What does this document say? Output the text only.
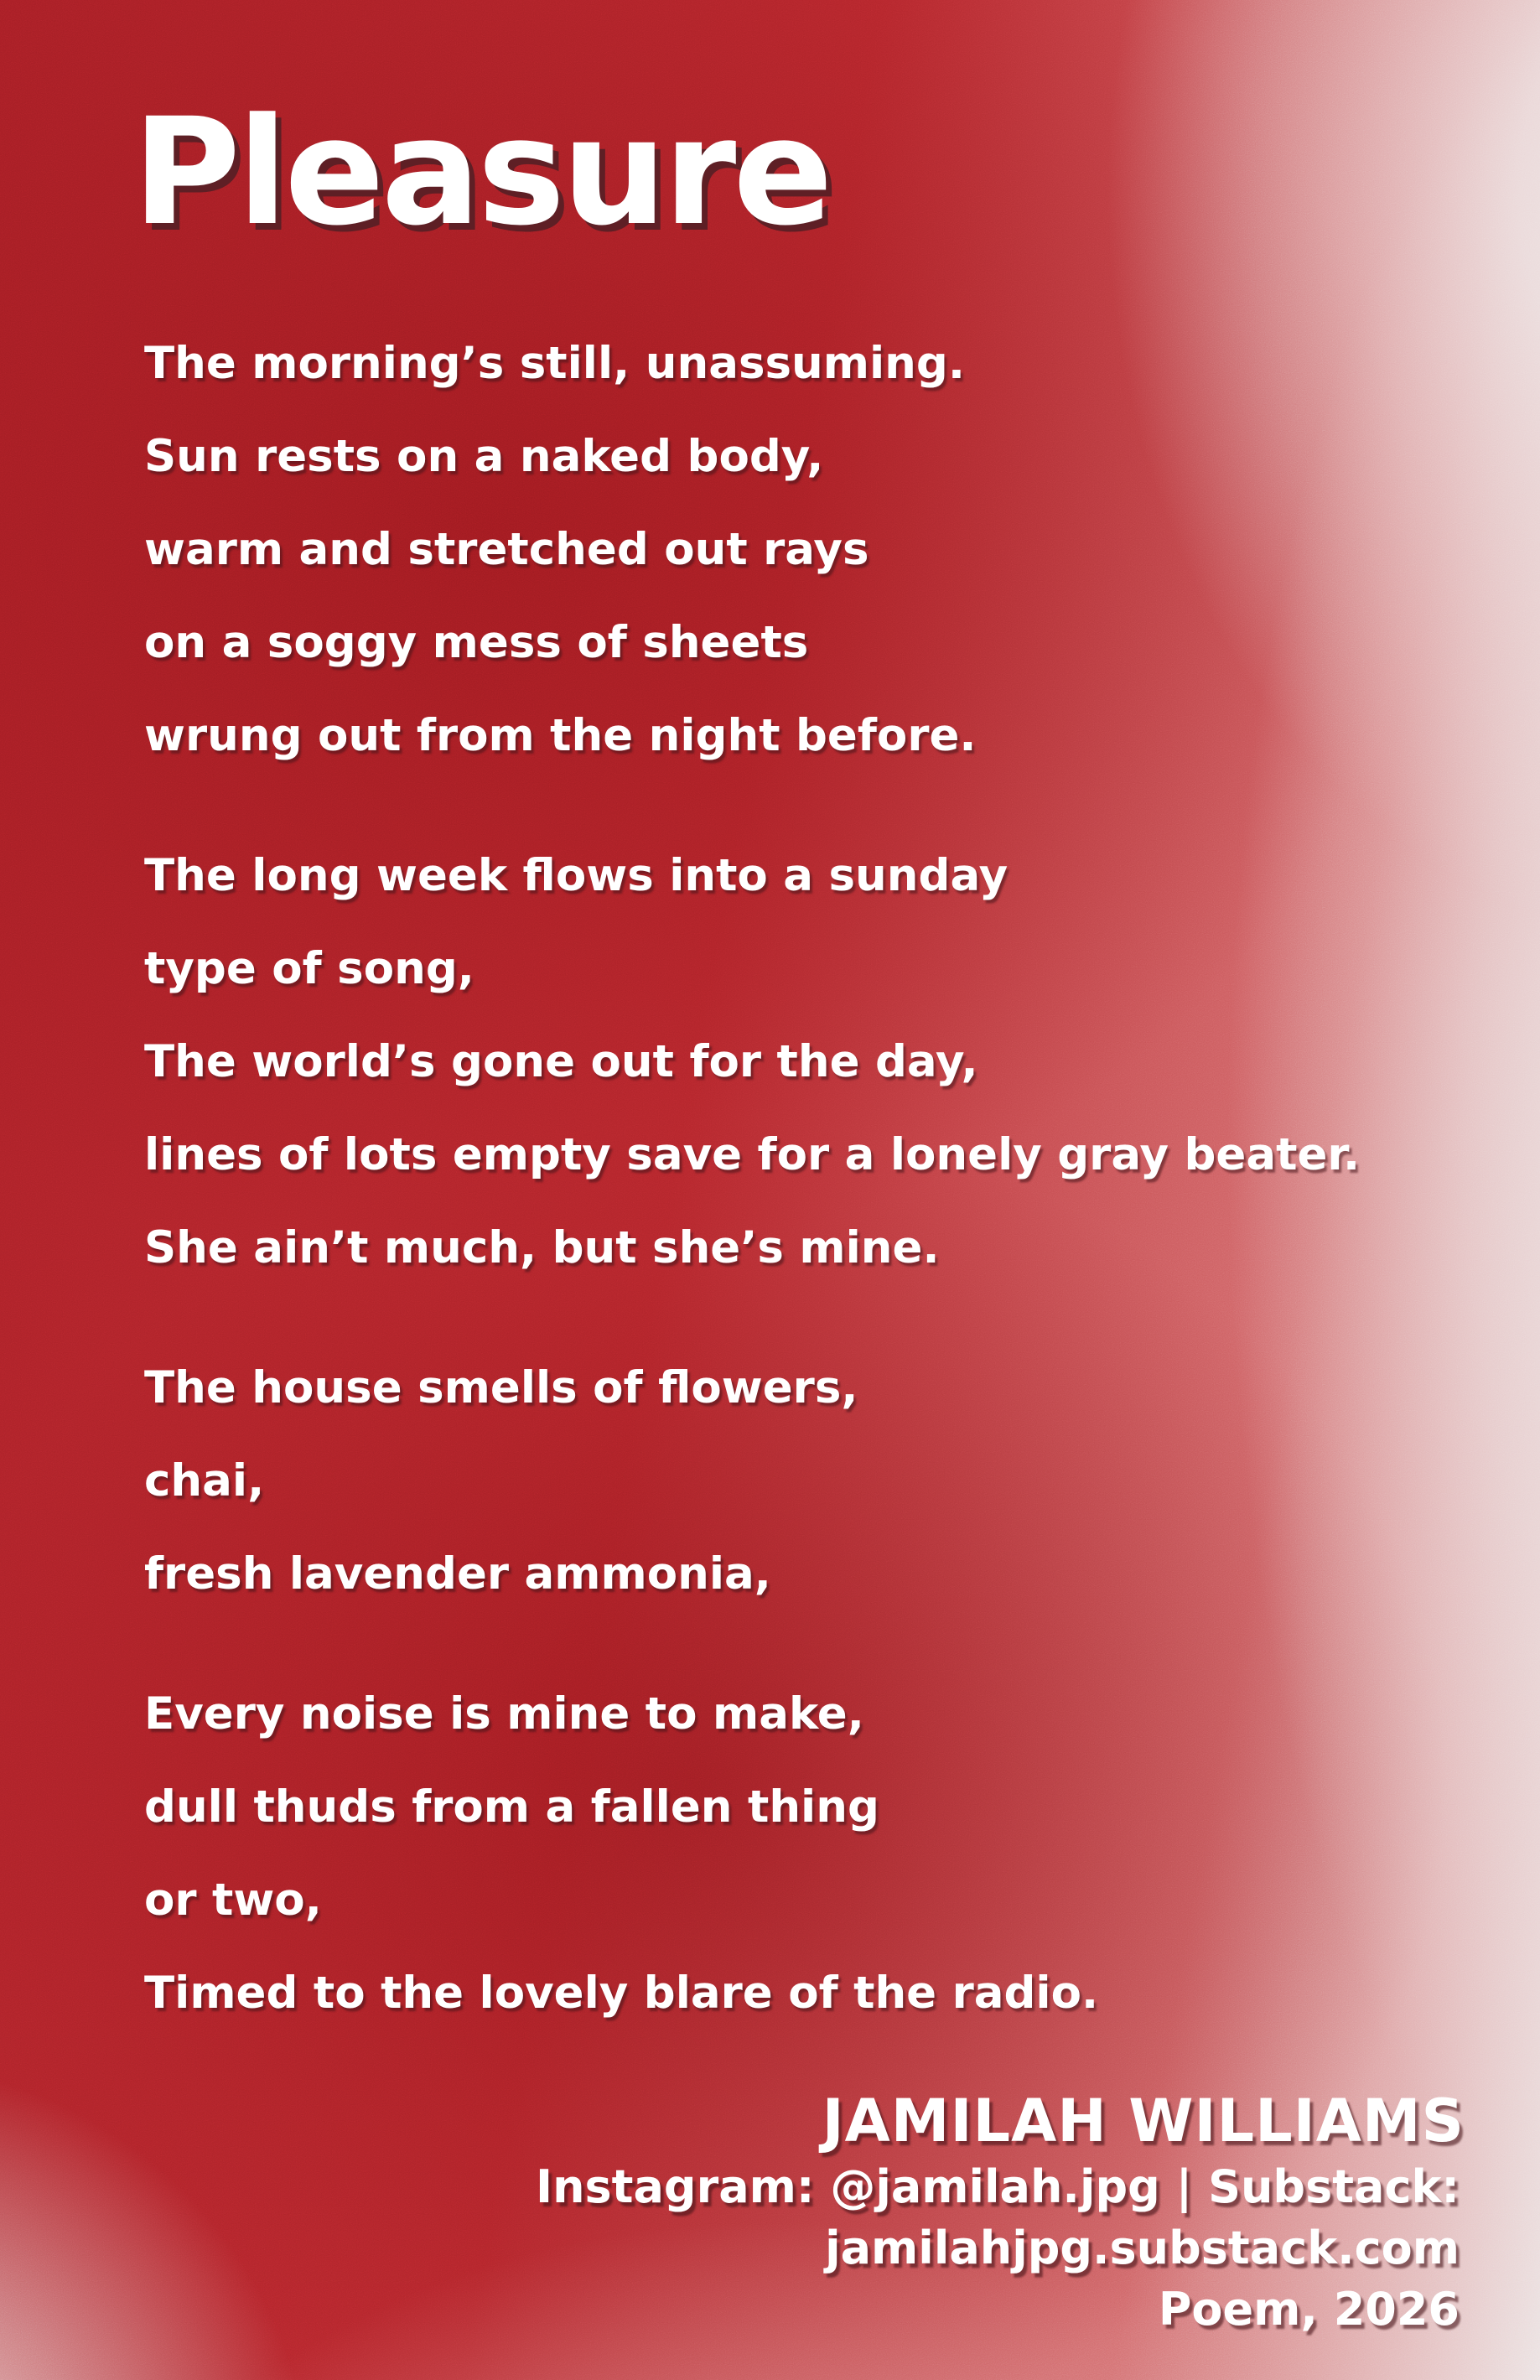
Pleasure
The morning’s still, unassuming.
Sun rests on a naked body,
warm and stretched out rays
on a soggy mess of sheets
wrung out from the night before.
The long week flows into a sunday
type of song,
The world’s gone out for the day,
lines of lots empty save for a lonely gray beater.
She ain’t much, but she’s mine.
The house smells of flowers,
chai,
fresh lavender ammonia,
Every noise is mine to make,
dull thuds from a fallen thing
or two,
Timed to the lovely blare of the radio.
JAMILAH WILLIAMS
Instagram: @jamilah.jpg | Substack:
jamilahjpg.substack.com
Poem, 2026
